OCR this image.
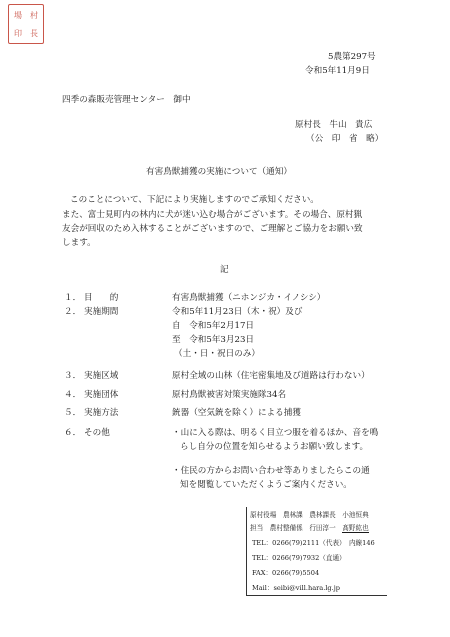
場 村
印 長
5農第297号
令和5年11月9日
四季の森販売管理センター　御中
原村長　牛山　貴広
（公　印　省　略）
有害鳥獣捕獲の実施について（通知）
このことについて、下記により実施しますのでご承知ください。
また、富士見町内の林内に犬が迷い込む場合がございます。その場合、原村猟
友会が回収のため入林することがございますので、ご理解とご協力をお願い致
します。
記
１． 目　　的	有害鳥獣捕獲（ニホンジカ・イノシシ）
２． 実施期間	令和5年11月23日（木・祝）及び
自　令和5年2月17日
至　令和5年3月23日
（土・日・祝日のみ）
３． 実施区域	原村全域の山林（住宅密集地及び道路は行わない）
４． 実施団体	原村鳥獣被害対策実施隊34名
５． 実施方法	銃器（空気銃を除く）による捕獲
６． その他	・山に入る際は、明るく目立つ服を着るほか、音を鳴
らし自分の位置を知らせるようお願い致します。
・住民の方からお問い合わせ等ありましたらこの通
知を閲覧していただくようご案内ください。
原村役場　農林課　農林課長　小池恒典
担当　農村整備係　行田淳一　髙野紘也
TEL：0266(79)2111（代表）　内線146
TEL：0266(79)7932（直通）
FAX：0266(79)5504
Mail：seibi@vill.hara.lg.jp
